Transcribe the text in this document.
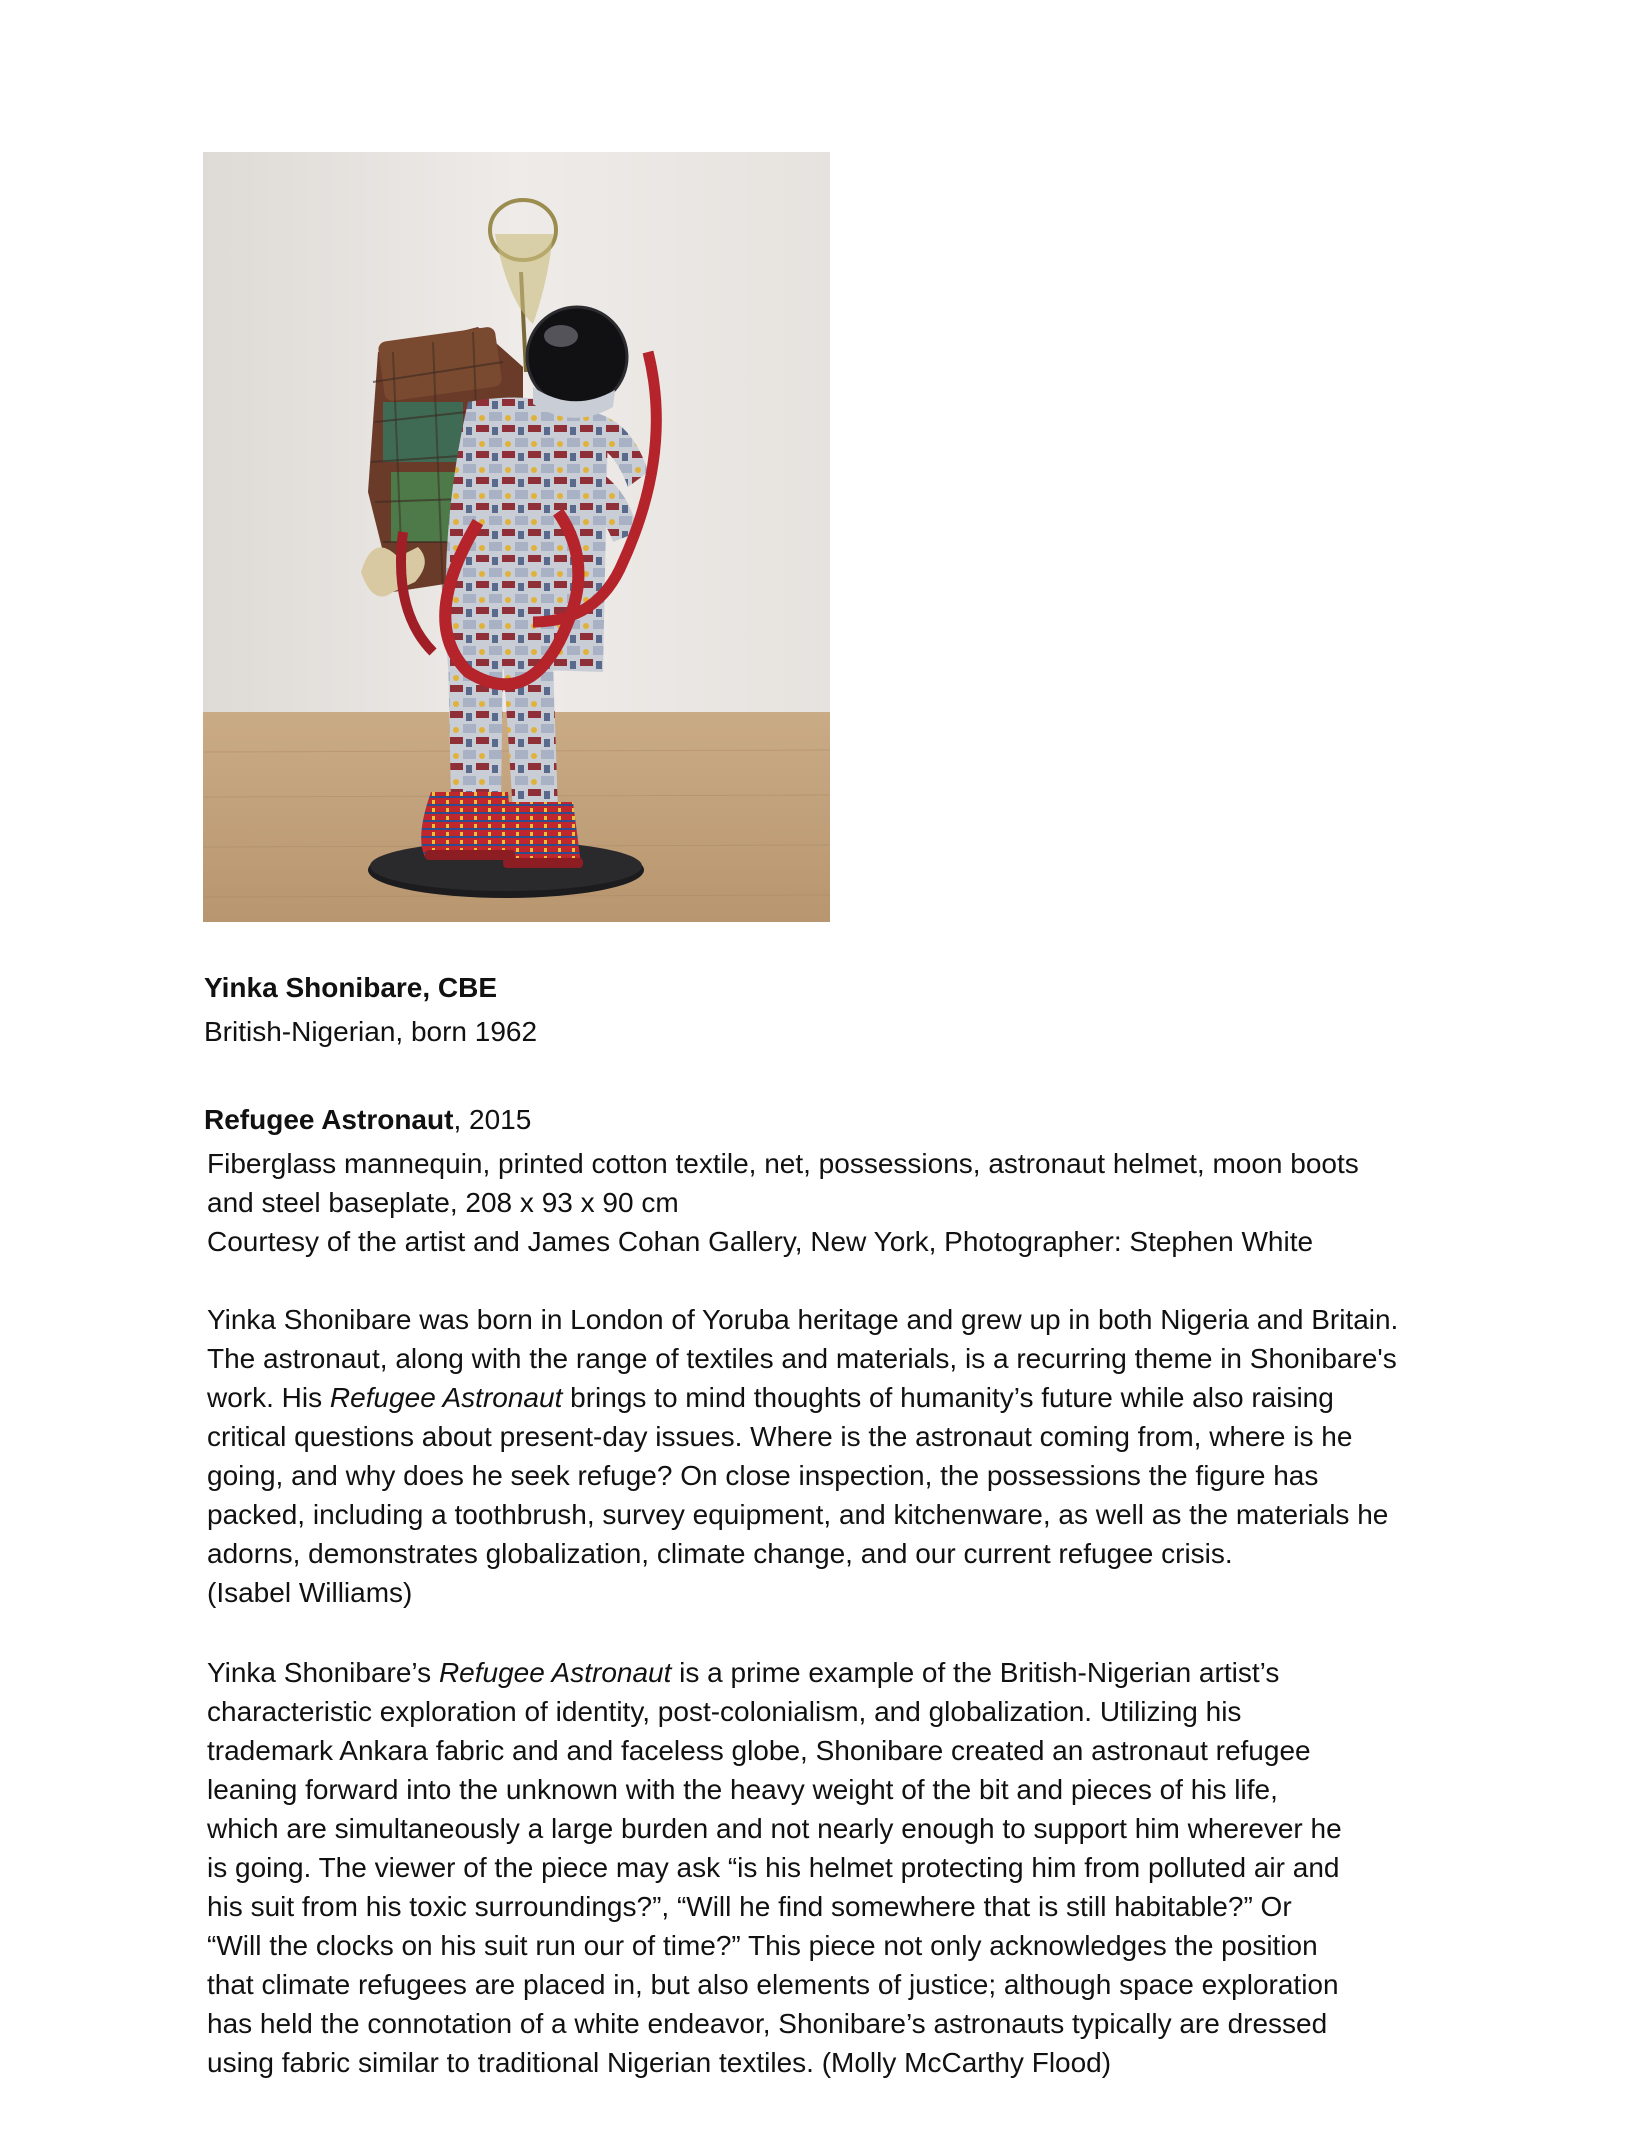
Yinka Shonibare, CBE

British-Nigerian, born 1962

Refugee Astronaut, 2015

Fiberglass mannequin, printed cotton textile, net, possessions, astronaut helmet, moon boots
and steel baseplate, 208 x 93 x 90 cm
Courtesy of the artist and James Cohan Gallery, New York, Photographer: Stephen White
Yinka Shonibare was born in London of Yoruba heritage and grew up in both Nigeria and Britain.
The astronaut, along with the range of textiles and materials, is a recurring theme in Shonibare's
work. His Refugee Astronaut brings to mind thoughts of humanity’s future while also raising
critical questions about present-day issues. Where is the astronaut coming from, where is he
going, and why does he seek refuge? On close inspection, the possessions the figure has
packed, including a toothbrush, survey equipment, and kitchenware, as well as the materials he
adorns, demonstrates globalization, climate change, and our current refugee crisis.
(Isabel Williams)
Yinka Shonibare’s Refugee Astronaut is a prime example of the British-Nigerian artist’s
characteristic exploration of identity, post-colonialism, and globalization. Utilizing his
trademark Ankara fabric and and faceless globe, Shonibare created an astronaut refugee
leaning forward into the unknown with the heavy weight of the bit and pieces of his life,
which are simultaneously a large burden and not nearly enough to support him wherever he
is going. The viewer of the piece may ask “is his helmet protecting him from polluted air and
his suit from his toxic surroundings?”, “Will he find somewhere that is still habitable?” Or
“Will the clocks on his suit run our of time?” This piece not only acknowledges the position
that climate refugees are placed in, but also elements of justice; although space exploration
has held the connotation of a white endeavor, Shonibare’s astronauts typically are dressed
using fabric similar to traditional Nigerian textiles. (Molly McCarthy Flood)
